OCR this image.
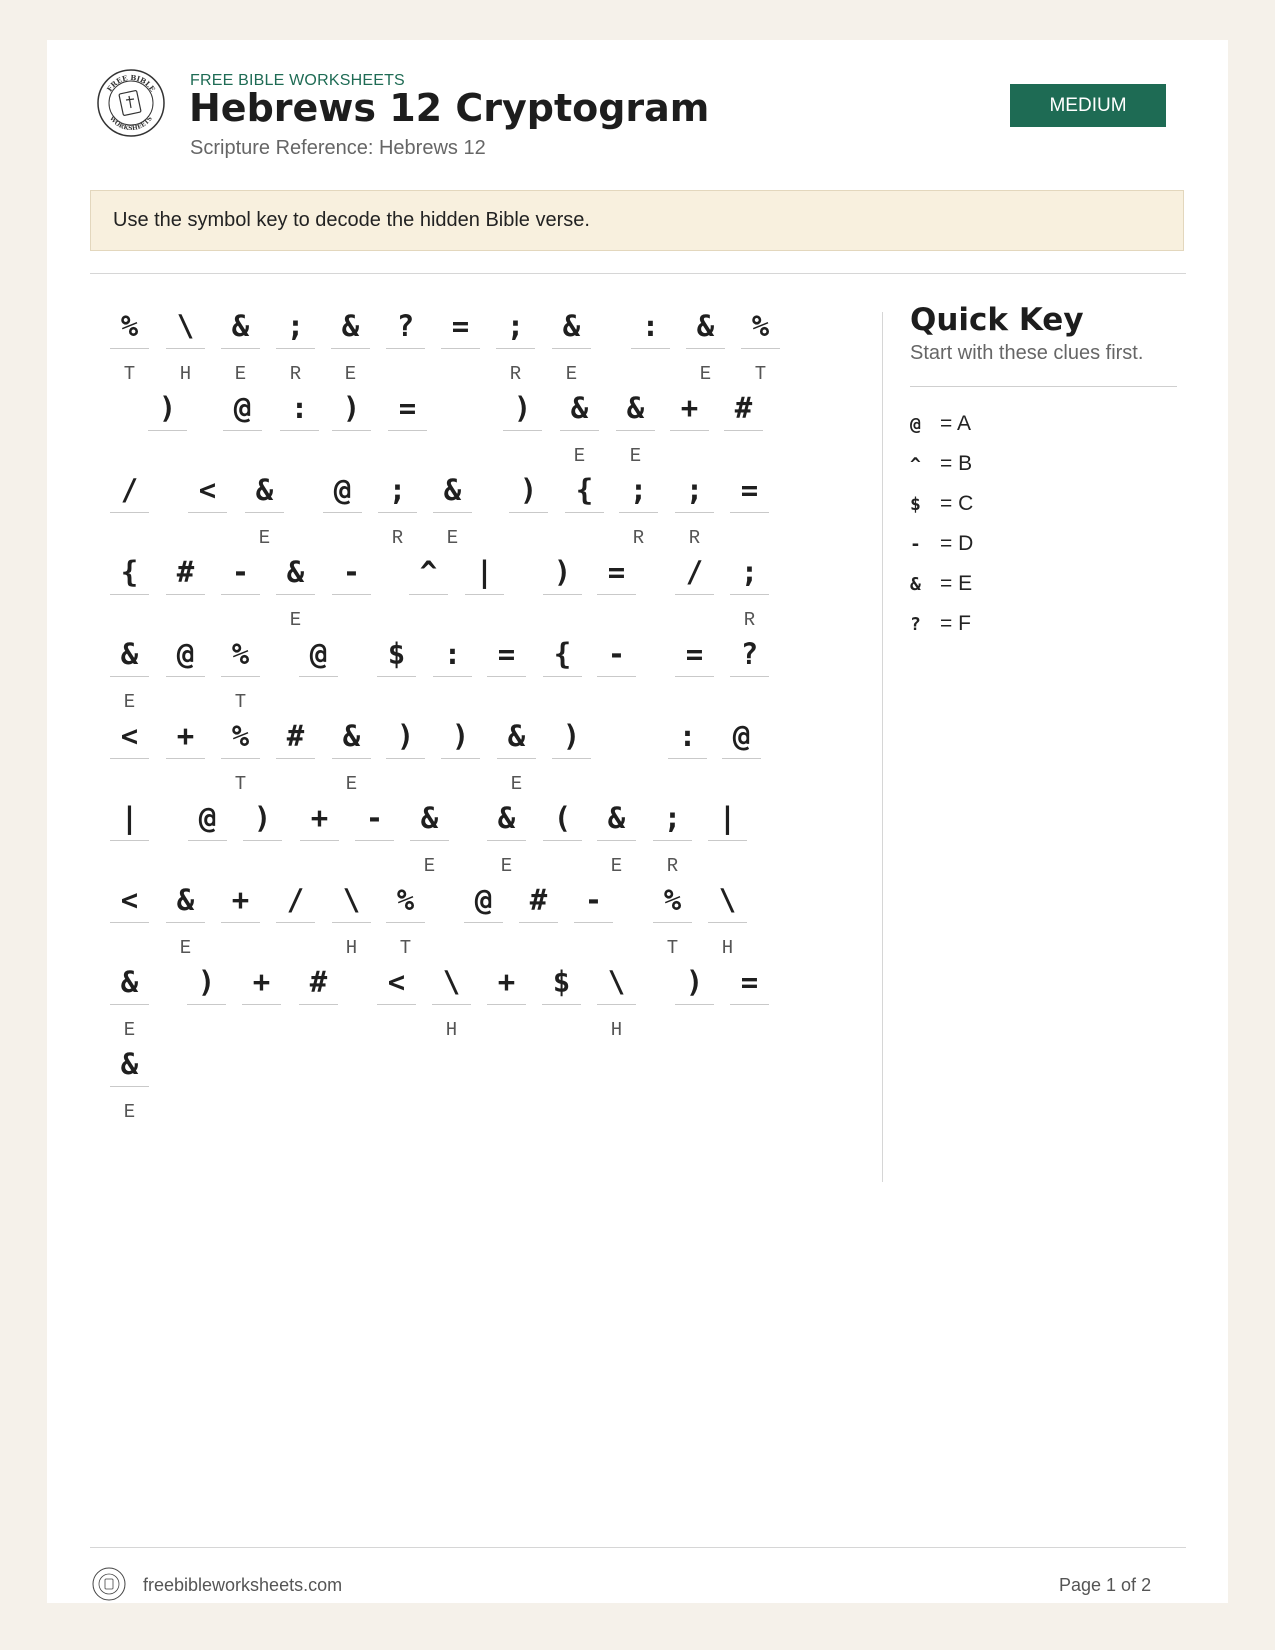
FREE BIBLE
WORKSHEETS
FREE BIBLE WORKSHEETS
Hebrews 12 Cryptogram
Scripture Reference: Hebrews 12
MEDIUM
Use the symbol key to decode the hidden Bible verse.
%
T
\
H
&
E
;
R
&
E
?	=	;
R
&
E
:	&
E
%
T
)	@	:	)	=	)	&
E
&
E
+	#
/	<	&
E
@	;
R
&
E
)	{	;
R
;
R
=
{	#	-	&
E
-	^	|	)	=	/	;
R
&
E
@	%
T
@	$	:	=	{	-	=	?
<	+	%
T
#	&
E
)	)	&
E
)	:	@
|	@	)	+	-	&
E
&
E
(	&
E
;
R
|
<	&
E
+	/	\
H
%
T
@	#	-	%
T
\
H
&
E
)	+	#	<	\
H
+	$	\
H
)	=
&
E
Quick Key
Start with these clues first.
@ = A
^ = B
$ = C
- = D
& = E
? = F
freebibleworksheets.com	Page 1 of 2
